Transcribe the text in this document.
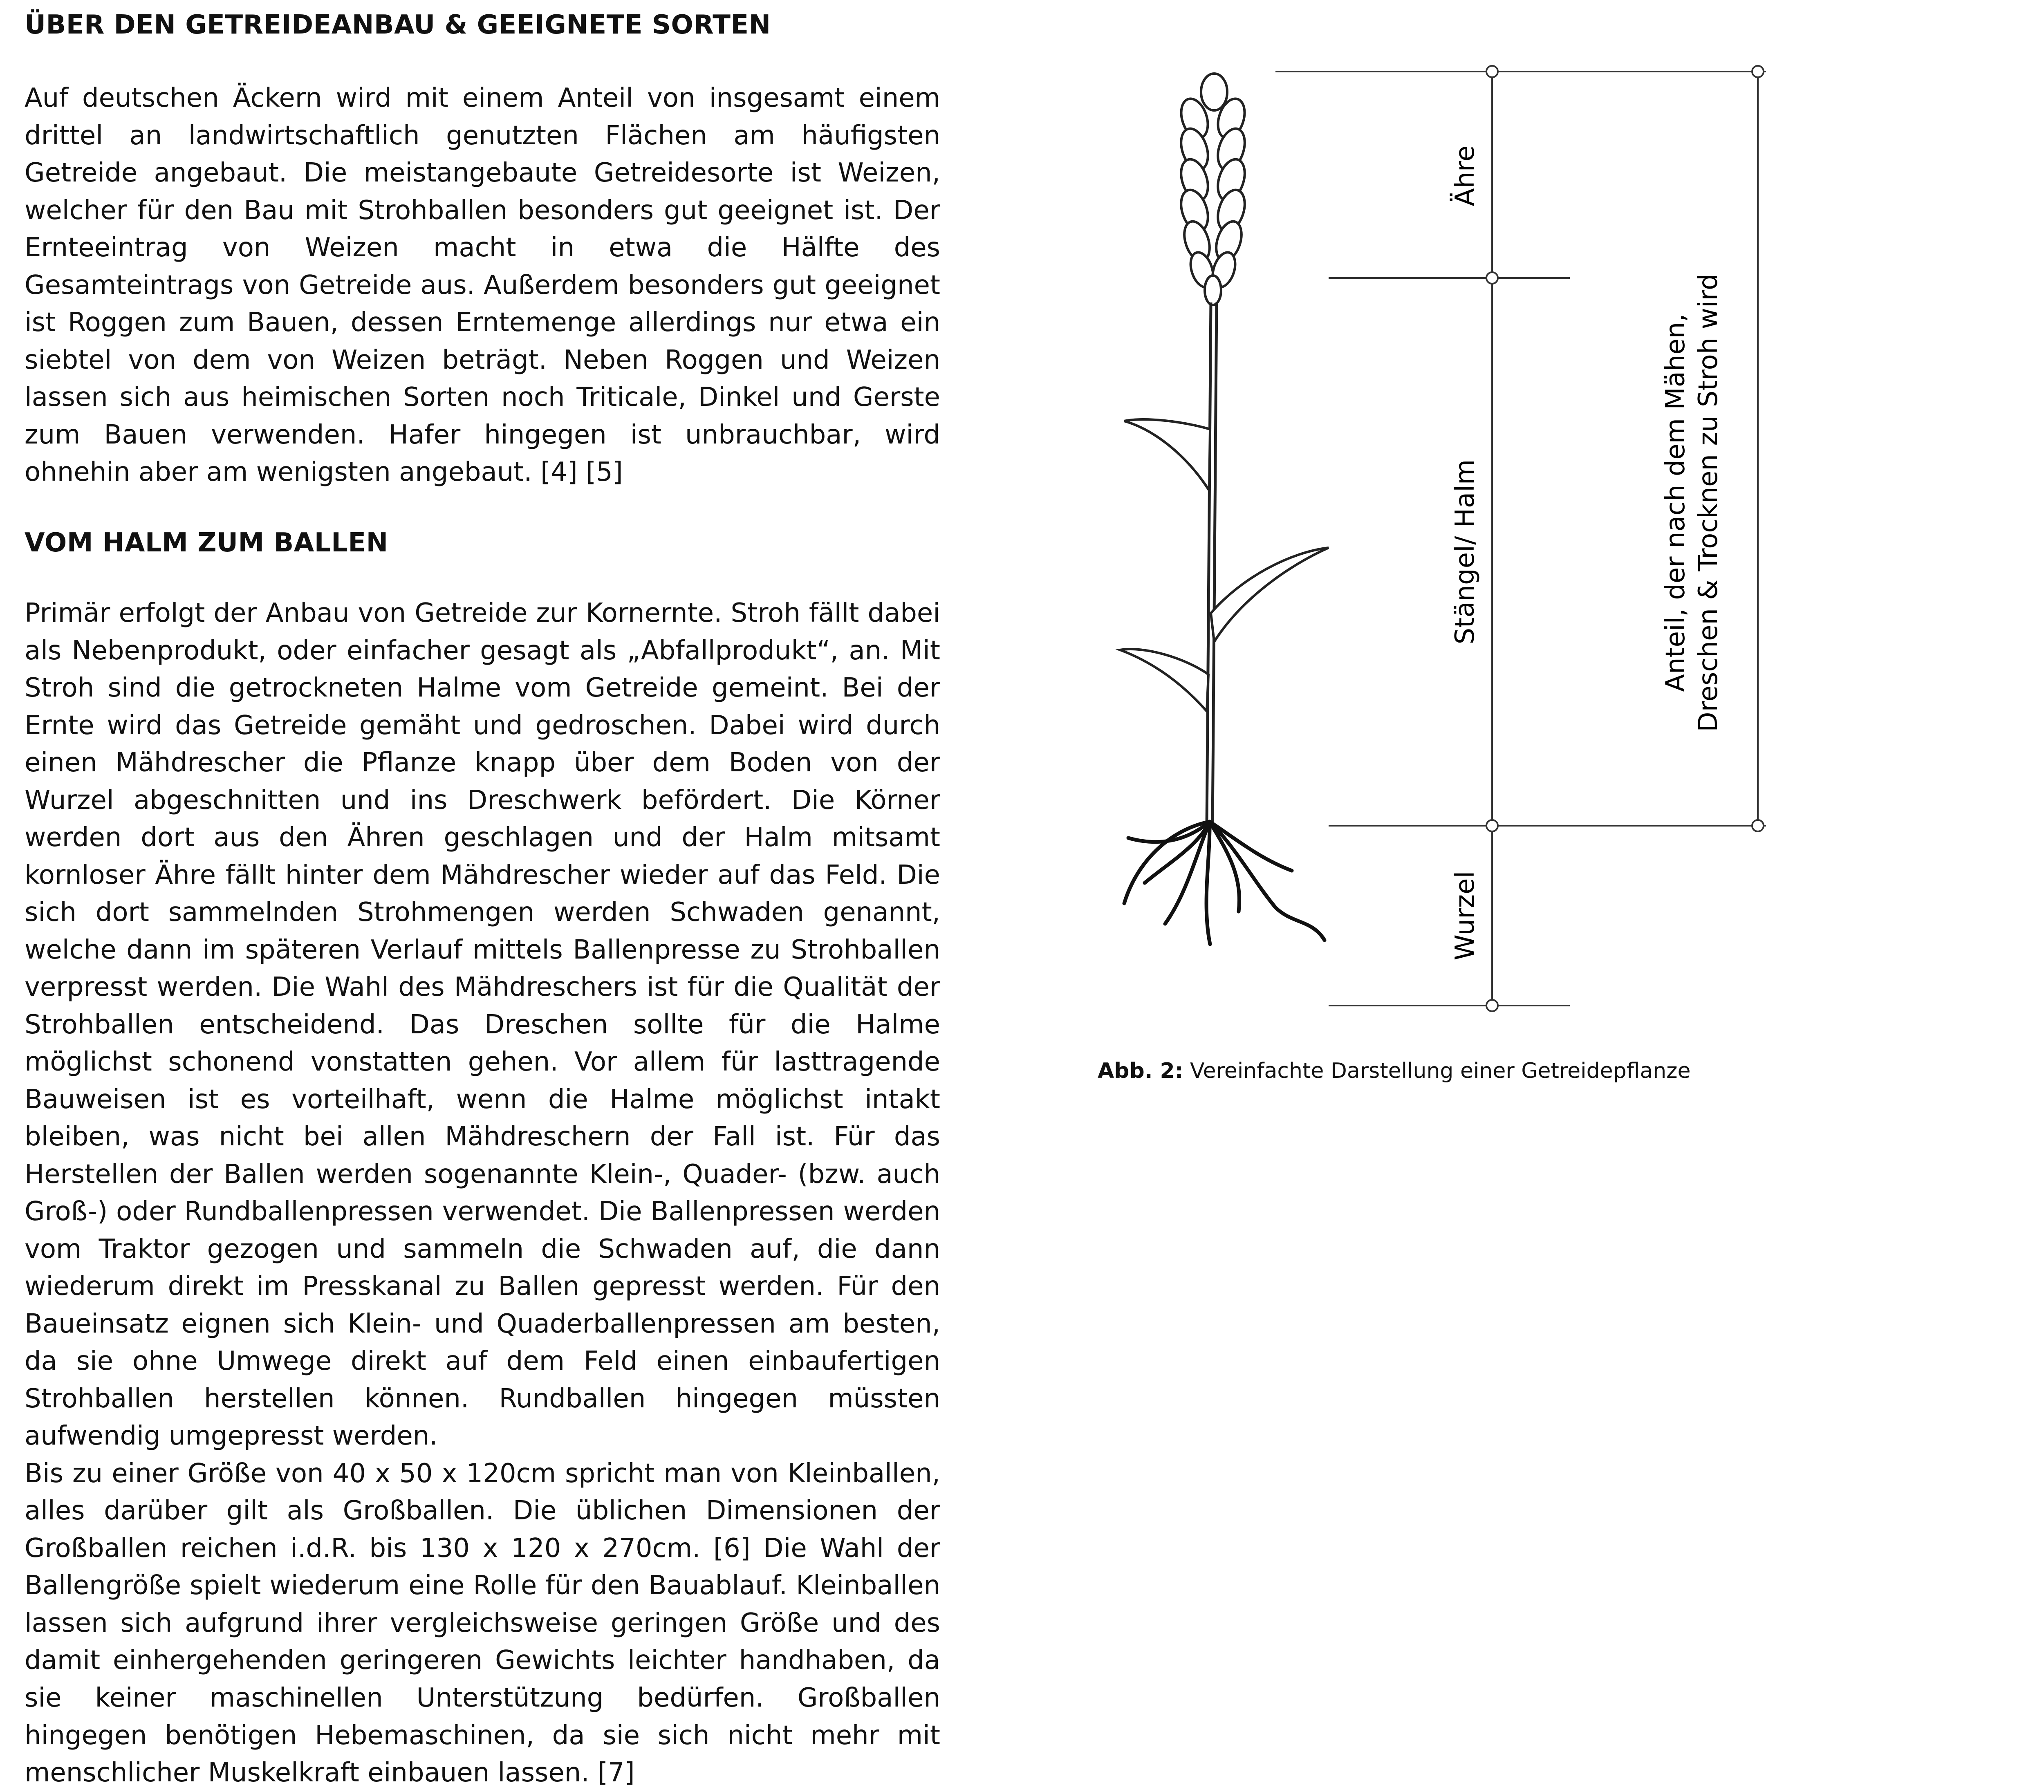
ÜBER DEN GETREIDEANBAU & GEEIGNETE SORTEN

Auf deutschen Äckern wird mit einem Anteil von insgesamt einem drittel an landwirtschaftlich genutzten Flächen am häufigsten Getreide angebaut. Die meistangebaute Getreidesorte ist Weizen, welcher für den Bau mit Strohballen besonders gut geeignet ist. Der Ernteeintrag von Weizen macht in etwa die Hälfte des Gesamteintrags von Getreide aus. Außerdem besonders gut geeignet ist Roggen zum Bauen, dessen Erntemenge allerdings nur etwa ein siebtel von dem von Weizen beträgt. Neben Roggen und Weizen lassen sich aus heimischen Sorten noch Triticale, Dinkel und Gerste zum Bauen verwenden. Hafer hingegen ist unbrauchbar, wird ohnehin aber am wenigsten angebaut. [4] [5]

VOM HALM ZUM BALLEN

Primär erfolgt der Anbau von Getreide zur Kornernte. Stroh fällt dabei als Nebenprodukt, oder einfacher gesagt als „Abfallprodukt“, an. Mit Stroh sind die getrockneten Halme vom Getreide gemeint. Bei der Ernte wird das Getreide gemäht und gedroschen. Dabei wird durch einen Mähdrescher die Pflanze knapp über dem Boden von der Wurzel abgeschnitten und ins Dreschwerk befördert. Die Körner werden dort aus den Ähren geschlagen und der Halm mitsamt kornloser Ähre fällt hinter dem Mähdrescher wieder auf das Feld. Die sich dort sammelnden Strohmengen werden Schwaden genannt, welche dann im späteren Verlauf mittels Ballenpresse zu Strohballen verpresst werden. Die Wahl des Mähdreschers ist für die Qualität der Strohballen entscheidend. Das Dreschen sollte für die Halme möglichst schonend vonstatten gehen. Vor allem für lasttragende Bauweisen ist es vorteilhaft, wenn die Halme möglichst intakt bleiben, was nicht bei allen Mähdreschern der Fall ist. Für das Herstellen der Ballen werden sogenannte Klein-, Quader- (bzw. auch Groß-) oder Rundballenpressen verwendet. Die Ballenpressen werden vom Traktor gezogen und sammeln die Schwaden auf, die dann wiederum direkt im Presskanal zu Ballen gepresst werden. Für den Baueinsatz eignen sich Klein- und Quaderballenpressen am besten, da sie ohne Umwege direkt auf dem Feld einen einbaufertigen Strohballen herstellen können. Rundballen hingegen müssten aufwendig umgepresst werden.

Bis zu einer Größe von 40 x 50 x 120cm spricht man von Kleinballen, alles darüber gilt als Großballen. Die üblichen Dimensionen der Großballen reichen i.d.R. bis 130 x 120 x 270cm. [6] Die Wahl der Ballengröße spielt wiederum eine Rolle für den Bauablauf. Kleinballen lassen sich aufgrund ihrer vergleichsweise geringen Größe und des damit einhergehenden geringeren Gewichts leichter handhaben, da sie keiner maschinellen Unterstützung bedürfen. Großballen hingegen benötigen Hebemaschinen, da sie sich nicht mehr mit menschlicher Muskelkraft einbauen lassen. [7]

Ähre
Stängel/ Halm
Wurzel
Anteil, der nach dem Mähen, Dreschen & Trocknen zu Stroh wird
Abb. 2: Vereinfachte Darstellung einer Getreidepflanze
